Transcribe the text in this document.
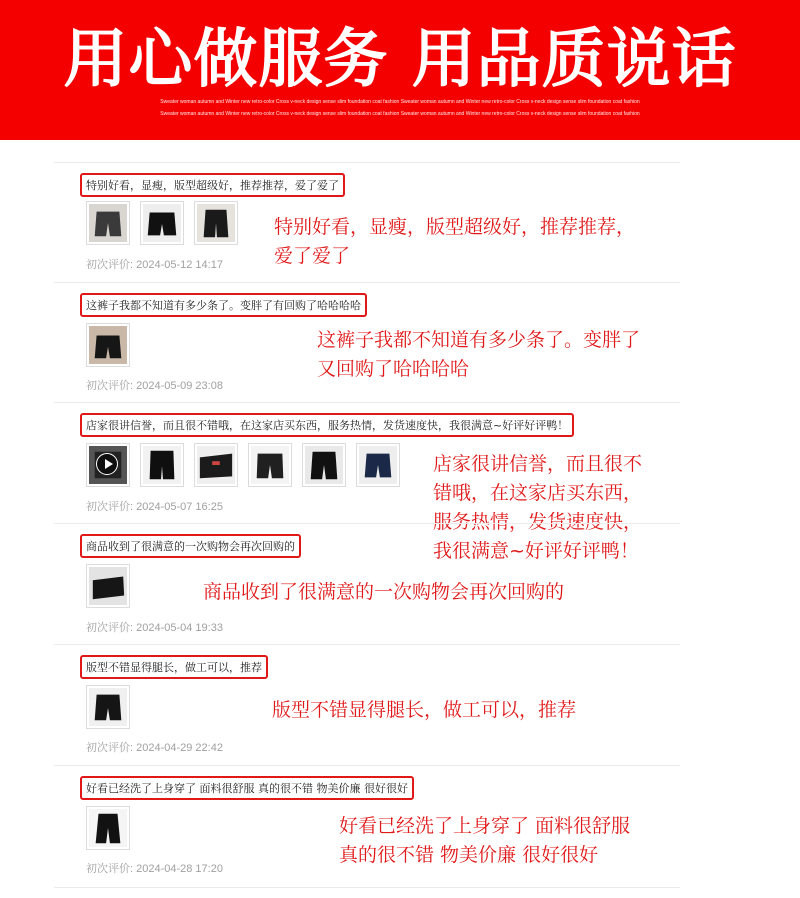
用心做服务 用品质说话
Sweater woman autumn and Winter new retro-color Cross v-neck design sense slim foundation coat fashion Sweater woman autumn and Winter new retro-color Cross v-neck design sense slim foundation coat fashion
Sweater woman autumn and Winter new retro-color Cross v-neck design sense slim foundation coat fashion Sweater woman autumn and Winter new retro-color Cross v-neck design sense slim foundation coat fashion
特别好看，显瘦，版型超级好，推荐推荐，爱了爱了
初次评价: 2024-05-12 14:17
特别好看，显瘦，版型超级好，推荐推荐，
爱了爱了
这裤子我都不知道有多少条了。变胖了有回购了哈哈哈哈
初次评价: 2024-05-09 23:08
这裤子我都不知道有多少条了。变胖了
又回购了哈哈哈哈
店家很讲信誉，而且很不错哦，在这家店买东西，服务热情，发货速度快，我很满意~好评好评鸭！
初次评价: 2024-05-07 16:25
店家很讲信誉，而且很不
错哦，在这家店买东西，
服务热情，发货速度快，
我很满意~好评好评鸭！
商品收到了很满意的一次购物会再次回购的
初次评价: 2024-05-04 19:33
商品收到了很满意的一次购物会再次回购的
版型不错显得腿长，做工可以，推荐
初次评价: 2024-04-29 22:42
版型不错显得腿长，做工可以，推荐
好看已经洗了上身穿了 面料很舒服 真的很不错 物美价廉 很好很好
初次评价: 2024-04-28 17:20
好看已经洗了上身穿了 面料很舒服
真的很不错 物美价廉 很好很好
